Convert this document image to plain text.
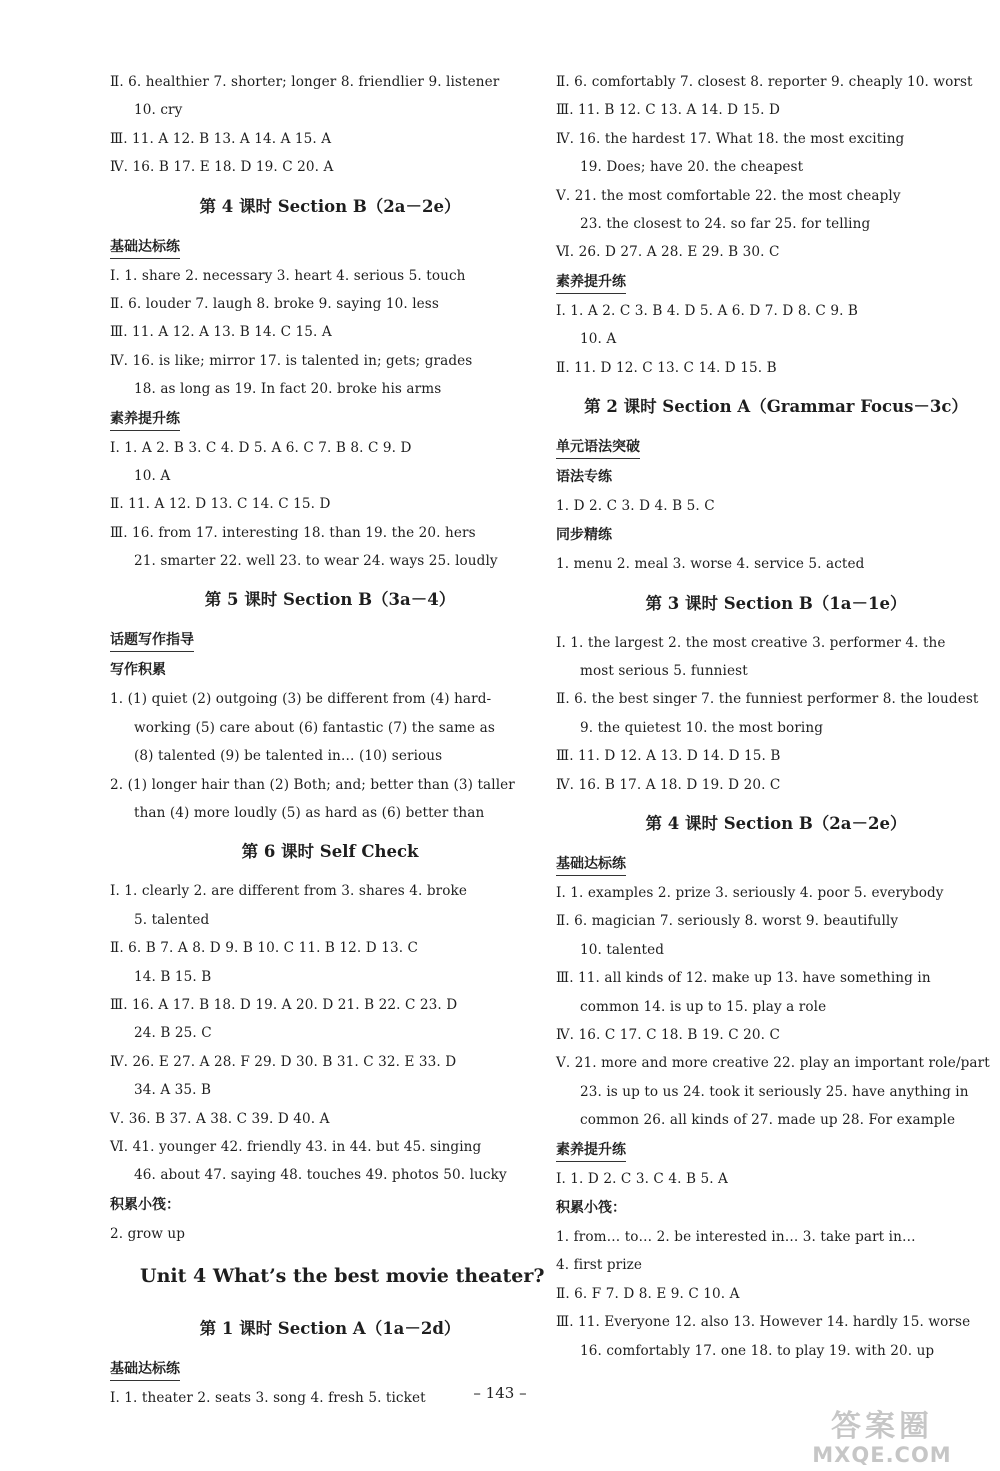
Ⅱ. 6. healthier 7. shorter; longer 8. friendlier 9. listener
10. cry
Ⅲ. 11. A 12. B 13. A 14. A 15. A
Ⅳ. 16. B 17. E 18. D 19. C 20. A
第 4 课时 Section B（2a－2e）
基础达标练
Ⅰ. 1. share 2. necessary 3. heart 4. serious 5. touch
Ⅱ. 6. louder 7. laugh 8. broke 9. saying 10. less
Ⅲ. 11. A 12. A 13. B 14. C 15. A
Ⅳ. 16. is like; mirror 17. is talented in; gets; grades
18. as long as 19. In fact 20. broke his arms
素养提升练
Ⅰ. 1. A 2. B 3. C 4. D 5. A 6. C 7. B 8. C 9. D
10. A
Ⅱ. 11. A 12. D 13. C 14. C 15. D
Ⅲ. 16. from 17. interesting 18. than 19. the 20. hers
21. smarter 22. well 23. to wear 24. ways 25. loudly
第 5 课时 Section B（3a－4）
话题写作指导
写作积累
1. (1) quiet (2) outgoing (3) be different from (4) hard-
working (5) care about (6) fantastic (7) the same as
(8) talented (9) be talented in… (10) serious
2. (1) longer hair than (2) Both; and; better than (3) taller
than (4) more loudly (5) as hard as (6) better than
第 6 课时 Self Check
Ⅰ. 1. clearly 2. are different from 3. shares 4. broke
5. talented
Ⅱ. 6. B 7. A 8. D 9. B 10. C 11. B 12. D 13. C
14. B 15. B
Ⅲ. 16. A 17. B 18. D 19. A 20. D 21. B 22. C 23. D
24. B 25. C
Ⅳ. 26. E 27. A 28. F 29. D 30. B 31. C 32. E 33. D
34. A 35. B
Ⅴ. 36. B 37. A 38. C 39. D 40. A
Ⅵ. 41. younger 42. friendly 43. in 44. but 45. singing
46. about 47. saying 48. touches 49. photos 50. lucky
积累小筏：
2. grow up
Unit 4 What’s the best movie theater?
第 1 课时 Section A（1a－2d）
基础达标练
Ⅰ. 1. theater 2. seats 3. song 4. fresh 5. ticket
Ⅱ. 6. comfortably 7. closest 8. reporter 9. cheaply 10. worst
Ⅲ. 11. B 12. C 13. A 14. D 15. D
Ⅳ. 16. the hardest 17. What 18. the most exciting
19. Does; have 20. the cheapest
Ⅴ. 21. the most comfortable 22. the most cheaply
23. the closest to 24. so far 25. for telling
Ⅵ. 26. D 27. A 28. E 29. B 30. C
素养提升练
Ⅰ. 1. A 2. C 3. B 4. D 5. A 6. D 7. D 8. C 9. B
10. A
Ⅱ. 11. D 12. C 13. C 14. D 15. B
第 2 课时 Section A（Grammar Focus－3c）
单元语法突破
语法专练
1. D 2. C 3. D 4. B 5. C
同步精练
1. menu 2. meal 3. worse 4. service 5. acted
第 3 课时 Section B（1a－1e）
Ⅰ. 1. the largest 2. the most creative 3. performer 4. the
most serious 5. funniest
Ⅱ. 6. the best singer 7. the funniest performer 8. the loudest
9. the quietest 10. the most boring
Ⅲ. 11. D 12. A 13. D 14. D 15. B
Ⅳ. 16. B 17. A 18. D 19. D 20. C
第 4 课时 Section B（2a－2e）
基础达标练
Ⅰ. 1. examples 2. prize 3. seriously 4. poor 5. everybody
Ⅱ. 6. magician 7. seriously 8. worst 9. beautifully
10. talented
Ⅲ. 11. all kinds of 12. make up 13. have something in
common 14. is up to 15. play a role
Ⅳ. 16. C 17. C 18. B 19. C 20. C
Ⅴ. 21. more and more creative 22. play an important role/part
23. is up to us 24. took it seriously 25. have anything in
common 26. all kinds of 27. made up 28. For example
素养提升练
Ⅰ. 1. D 2. C 3. C 4. B 5. A
积累小筏：
1. from… to… 2. be interested in… 3. take part in…
4. first prize
Ⅱ. 6. F 7. D 8. E 9. C 10. A
Ⅲ. 11. Everyone 12. also 13. However 14. hardly 15. worse
16. comfortably 17. one 18. to play 19. with 20. up
– 143 –
答案圈
MXQE.COM
